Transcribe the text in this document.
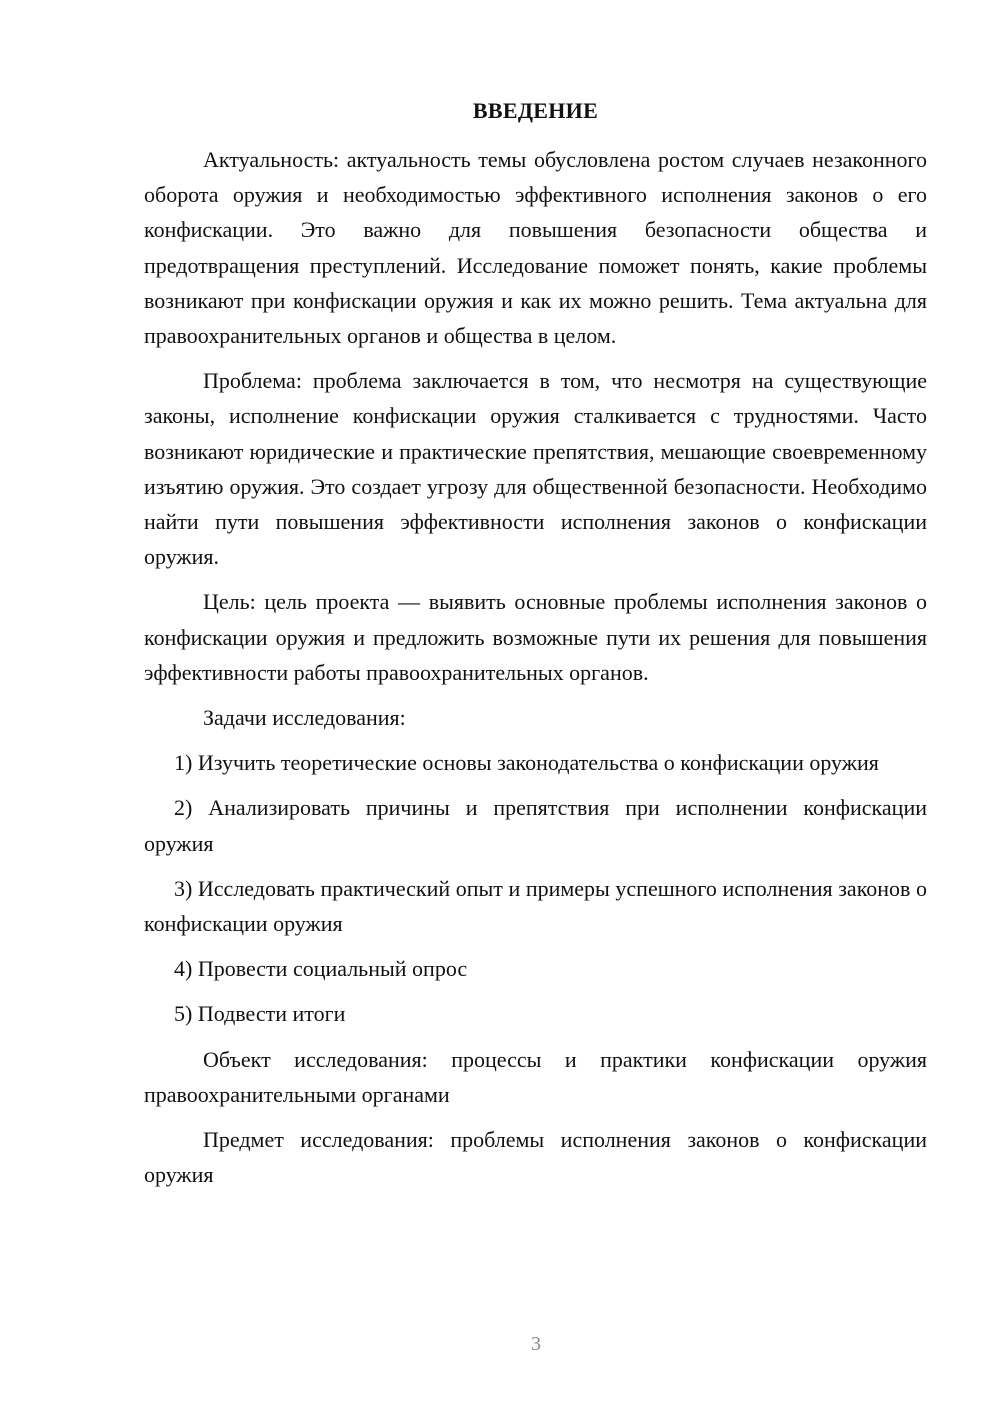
ВВЕДЕНИЕ

Актуальность: актуальность темы обусловлена ростом случаев незаконного оборота оружия и необходимостью эффективного исполнения законов о его конфискации. Это важно для повышения безопасности общества и предотвращения преступлений. Исследование поможет понять, какие проблемы возникают при конфискации оружия и как их можно решить. Тема актуальна для правоохранительных органов и общества в целом.

Проблема: проблема заключается в том, что несмотря на существующие законы, исполнение конфискации оружия сталкивается с трудностями. Часто возникают юридические и практические препятствия, мешающие своевременному изъятию оружия. Это создает угрозу для общественной безопасности. Необходимо найти пути повышения эффективности исполнения законов о конфискации оружия.

Цель: цель проекта — выявить основные проблемы исполнения законов о конфискации оружия и предложить возможные пути их решения для повышения эффективности работы правоохранительных органов.

Задачи исследования:

1) Изучить теоретические основы законодательства о конфискации оружия

2) Анализировать причины и препятствия при исполнении конфискации оружия

3) Исследовать практический опыт и примеры успешного исполнения законов о конфискации оружия

4) Провести социальный опрос

5) Подвести итоги

Объект исследования: процессы и практики конфискации оружия правоохранительными органами

Предмет исследования: проблемы исполнения законов о конфискации оружия

3
